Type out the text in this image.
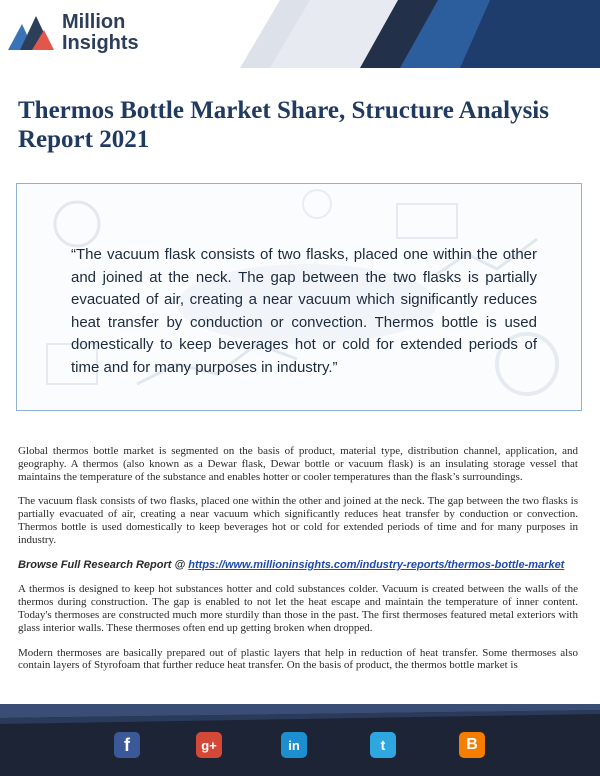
Million
Insights
Thermos Bottle Market Share, Structure Analysis Report 2021

“The vacuum flask consists of two flasks, placed one within the other and joined at the neck. The gap between the two flasks is partially evacuated of air, creating a near vacuum which significantly reduces heat transfer by conduction or convection. Thermos bottle is used domestically to keep beverages hot or cold for extended periods of time and for many purposes in industry.”

Global thermos bottle market is segmented on the basis of product, material type, distribution channel, application, and geography. A thermos (also known as a Dewar flask, Dewar bottle or vacuum flask) is an insulating storage vessel that maintains the temperature of the substance and enables hotter or cooler temperatures than the flask’s surroundings.

The vacuum flask consists of two flasks, placed one within the other and joined at the neck. The gap between the two flasks is partially evacuated of air, creating a near vacuum which significantly reduces heat transfer by conduction or convection. Thermos bottle is used domestically to keep beverages hot or cold for extended periods of time and for many purposes in industry.

Browse Full Research Report @ https://www.millioninsights.com/industry-reports/thermos-bottle-market

A thermos is designed to keep hot substances hotter and cold substances colder. Vacuum is created between the walls of the thermos during construction. The gap is enabled to not let the heat escape and maintain the temperature of inner content. Today's thermoses are constructed much more sturdily than those in the past. The first thermoses featured metal exteriors with glass interior walls. These thermoses often end up getting broken when dropped.

Modern thermoses are basically prepared out of plastic layers that help in reduction of heat transfer. Some thermoses also contain layers of Styrofoam that further reduce heat transfer. On the basis of product, the thermos bottle market is

f	g+	in	t	B
